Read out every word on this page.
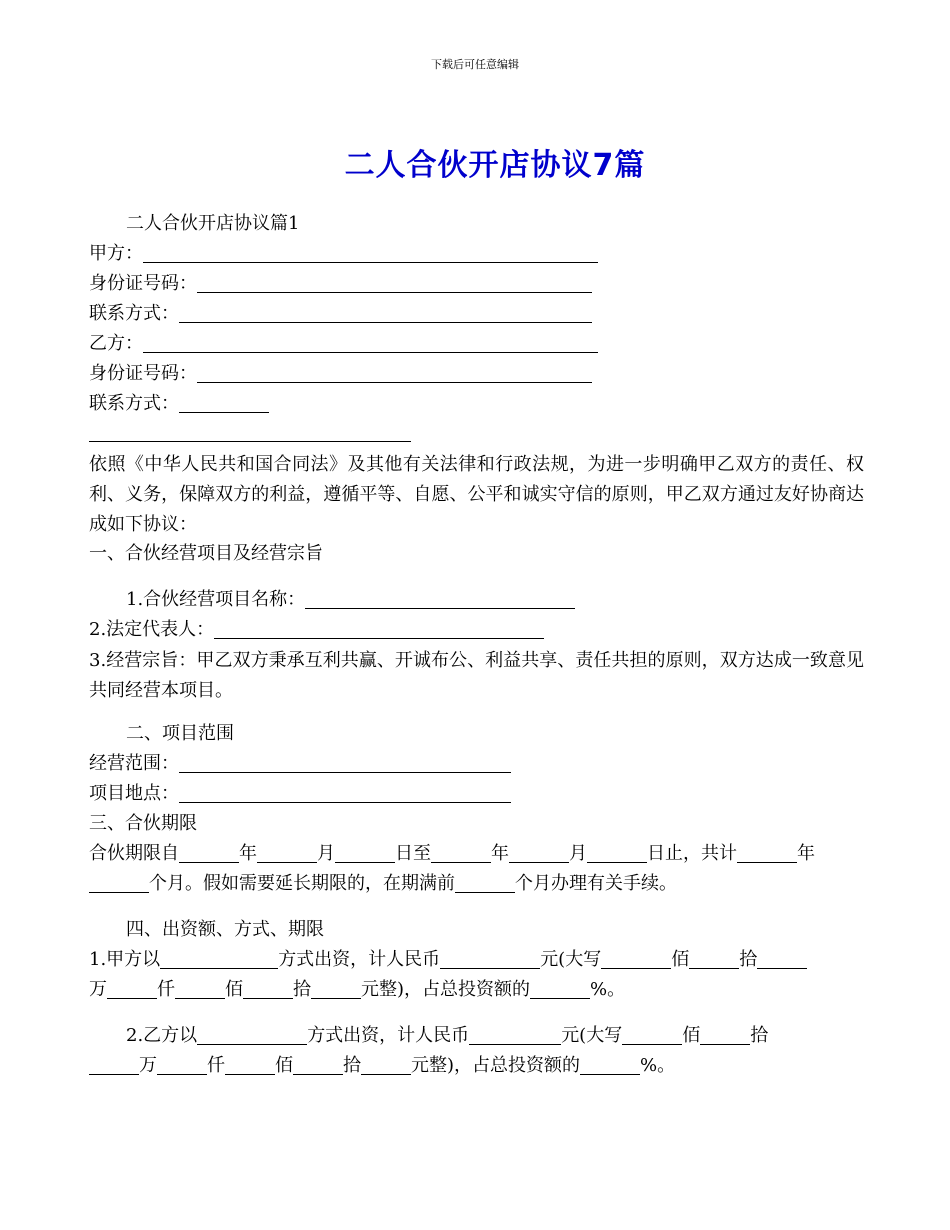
下载后可任意编辑
二人合伙开店协议7篇
二人合伙开店协议篇1
甲方：
身份证号码：
联系方式：
乙方：
身份证号码：
联系方式：
依照《中华人民共和国合同法》及其他有关法律和行政法规，为进一步明确甲乙双方的责任、权利、义务，保障双方的利益，遵循平等、自愿、公平和诚实守信的原则，甲乙双方通过友好协商达成如下协议：
一、合伙经营项目及经营宗旨
1.合伙经营项目名称：
2.法定代表人：
3.经营宗旨：甲乙双方秉承互利共赢、开诚布公、利益共享、责任共担的原则，双方达成一致意见共同经营本项目。
二、项目范围
经营范围：
项目地点：
三、合伙期限
合伙期限自	年	月	日至	年	月	日止，共计	年
个月。假如需要延长期限的，在期满前	个月办理有关手续。
四、出资额、方式、期限
1.甲方以	方式出资，计人民币	元(大写	佰	拾
万	仟	佰	拾	元整)，占总投资额的	%。
2.乙方以	方式出资，计人民币	元(大写	佰	拾
万	仟	佰	拾	元整)，占总投资额的	%。
